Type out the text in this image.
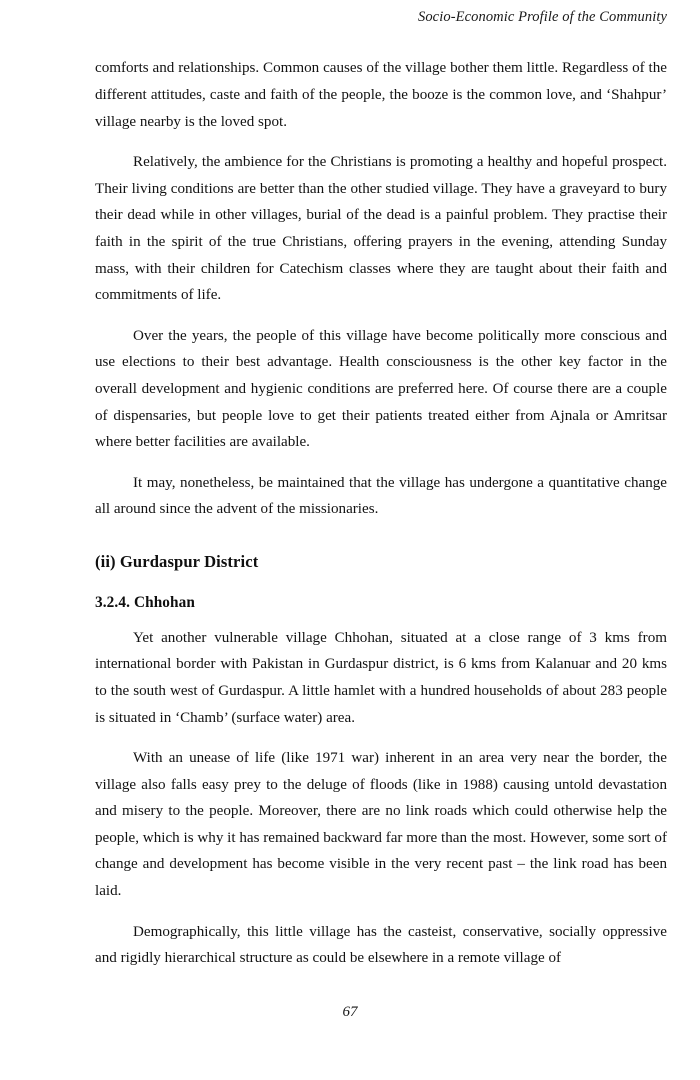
Socio-Economic Profile of the Community

comforts and relationships. Common causes of the village bother them little. Regardless of the different attitudes, caste and faith of the people, the booze is the common love, and ‘Shahpur’ village nearby is the loved spot.

Relatively, the ambience for the Christians is promoting a healthy and hopeful prospect. Their living conditions are better than the other studied village. They have a graveyard to bury their dead while in other villages, burial of the dead is a painful problem. They practise their faith in the spirit of the true Christians, offering prayers in the evening, attending Sunday mass, with their children for Catechism classes where they are taught about their faith and commitments of life.

Over the years, the people of this village have become politically more conscious and use elections to their best advantage. Health consciousness is the other key factor in the overall development and hygienic conditions are preferred here. Of course there are a couple of dispensaries, but people love to get their patients treated either from Ajnala or Amritsar where better facilities are available.

It may, nonetheless, be maintained that the village has undergone a quantitative change all around since the advent of the missionaries.

(ii) Gurdaspur District
3.2.4. Chhohan

Yet another vulnerable village Chhohan, situated at a close range of 3 kms from international border with Pakistan in Gurdaspur district, is 6 kms from Kalanuar and 20 kms to the south west of Gurdaspur. A little hamlet with a hundred households of about 283 people is situated in ‘Chamb’ (surface water) area.

With an unease of life (like 1971 war) inherent in an area very near the border, the village also falls easy prey to the deluge of floods (like in 1988) causing untold devastation and misery to the people. Moreover, there are no link roads which could otherwise help the people, which is why it has remained backward far more than the most. However, some sort of change and development has become visible in the very recent past – the link road has been laid.

Demographically, this little village has the casteist, conservative, socially oppressive and rigidly hierarchical structure as could be elsewhere in a remote village of

67
